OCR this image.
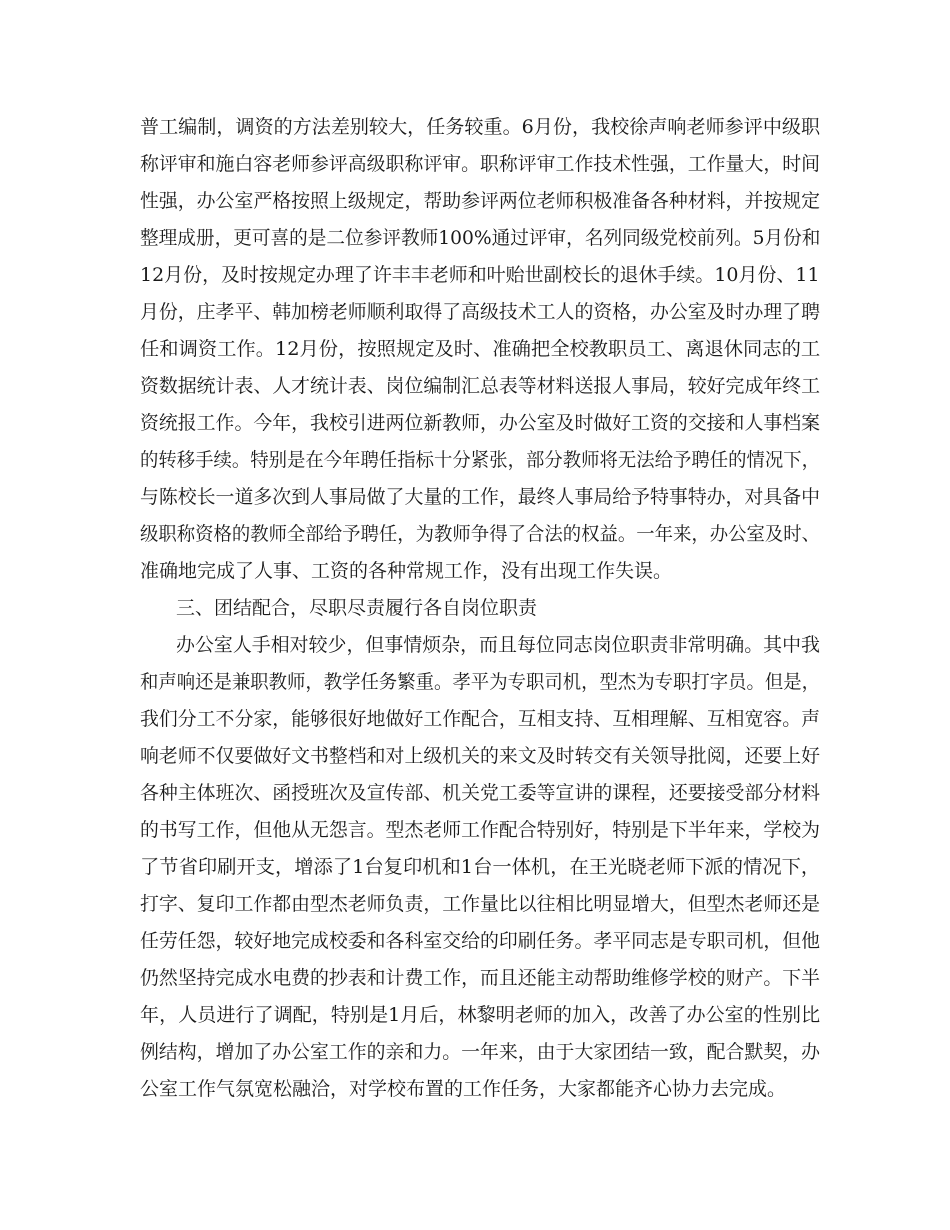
普工编制，调资的方法差别较大，任务较重。6月份，我校徐声响老师参评中级职
称评审和施白容老师参评高级职称评审。职称评审工作技术性强，工作量大，时间
性强，办公室严格按照上级规定，帮助参评两位老师积极准备各种材料，并按规定
整理成册，更可喜的是二位参评教师100%通过评审，名列同级党校前列。5月份和
12月份，及时按规定办理了许丰丰老师和叶贻世副校长的退休手续。10月份、11
月份，庄孝平、韩加榜老师顺利取得了高级技术工人的资格，办公室及时办理了聘
任和调资工作。12月份，按照规定及时、准确把全校教职员工、离退休同志的工
资数据统计表、人才统计表、岗位编制汇总表等材料送报人事局，较好完成年终工
资统报工作。今年，我校引进两位新教师，办公室及时做好工资的交接和人事档案
的转移手续。特别是在今年聘任指标十分紧张，部分教师将无法给予聘任的情况下，
与陈校长一道多次到人事局做了大量的工作，最终人事局给予特事特办，对具备中
级职称资格的教师全部给予聘任，为教师争得了合法的权益。一年来，办公室及时、
准确地完成了人事、工资的各种常规工作，没有出现工作失误。
三、团结配合，尽职尽责履行各自岗位职责
办公室人手相对较少，但事情烦杂，而且每位同志岗位职责非常明确。其中我
和声响还是兼职教师，教学任务繁重。孝平为专职司机，型杰为专职打字员。但是，
我们分工不分家，能够很好地做好工作配合，互相支持、互相理解、互相宽容。声
响老师不仅要做好文书整档和对上级机关的来文及时转交有关领导批阅，还要上好
各种主体班次、函授班次及宣传部、机关党工委等宣讲的课程，还要接受部分材料
的书写工作，但他从无怨言。型杰老师工作配合特别好，特别是下半年来，学校为
了节省印刷开支，增添了1台复印机和1台一体机，在王光晓老师下派的情况下，
打字、复印工作都由型杰老师负责，工作量比以往相比明显增大，但型杰老师还是
任劳任怨，较好地完成校委和各科室交给的印刷任务。孝平同志是专职司机，但他
仍然坚持完成水电费的抄表和计费工作，而且还能主动帮助维修学校的财产。下半
年，人员进行了调配，特别是1月后，林黎明老师的加入，改善了办公室的性别比
例结构，增加了办公室工作的亲和力。一年来，由于大家团结一致，配合默契，办
公室工作气氛宽松融洽，对学校布置的工作任务，大家都能齐心协力去完成。
